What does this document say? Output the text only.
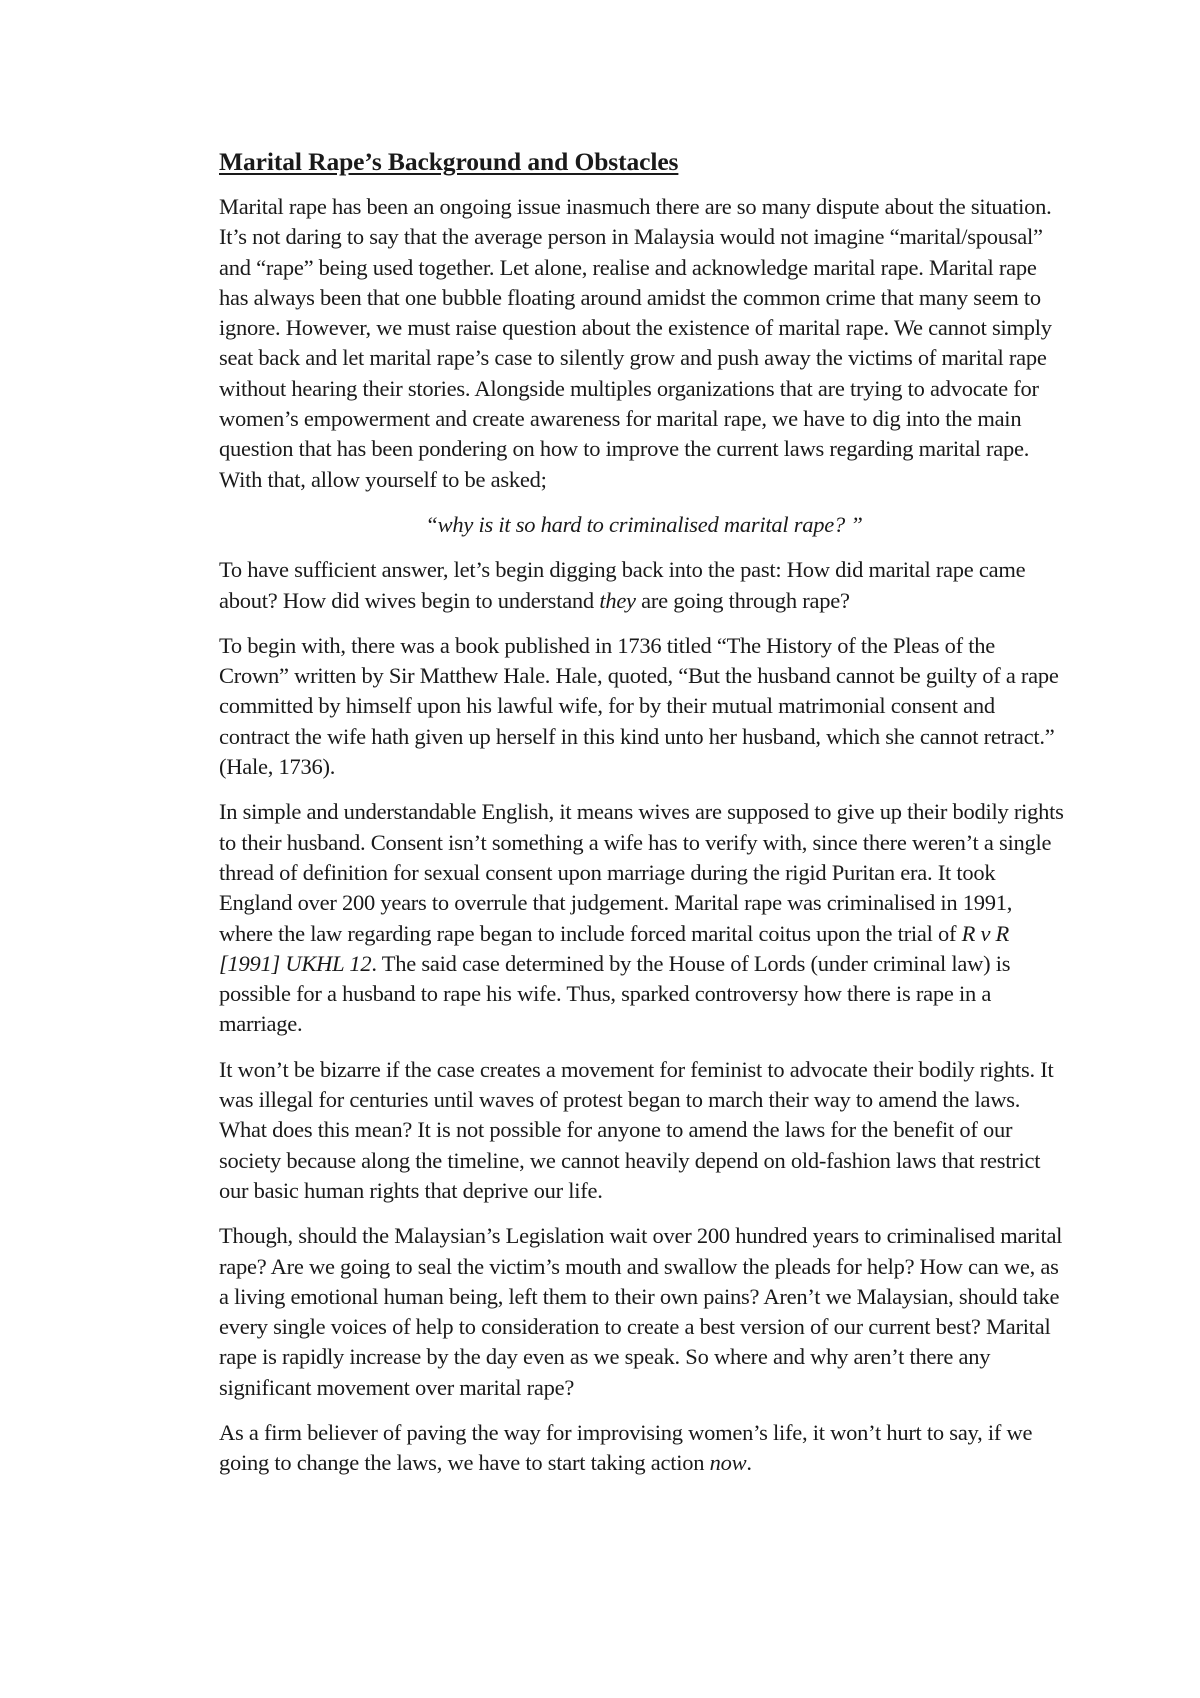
Marital Rape’s Background and Obstacles

Marital rape has been an ongoing issue inasmuch there are so many dispute about the situation. It’s not daring to say that the average person in Malaysia would not imagine “marital/spousal” and “rape” being used together. Let alone, realise and acknowledge marital rape. Marital rape has always been that one bubble floating around amidst the common crime that many seem to ignore. However, we must raise question about the existence of marital rape. We cannot simply seat back and let marital rape’s case to silently grow and push away the victims of marital rape without hearing their stories. Alongside multiples organizations that are trying to advocate for women’s empowerment and create awareness for marital rape, we have to dig into the main question that has been pondering on how to improve the current laws regarding marital rape. With that, allow yourself to be asked;

“why is it so hard to criminalised marital rape? ”

To have sufficient answer, let’s begin digging back into the past: How did marital rape came about? How did wives begin to understand they are going through rape?

To begin with, there was a book published in 1736 titled “The History of the Pleas of the Crown” written by Sir Matthew Hale. Hale, quoted, “But the husband cannot be guilty of a rape committed by himself upon his lawful wife, for by their mutual matrimonial consent and contract the wife hath given up herself in this kind unto her husband, which she cannot retract.” (Hale, 1736).

In simple and understandable English, it means wives are supposed to give up their bodily rights to their husband. Consent isn’t something a wife has to verify with, since there weren’t a single thread of definition for sexual consent upon marriage during the rigid Puritan era. It took England over 200 years to overrule that judgement. Marital rape was criminalised in 1991, where the law regarding rape began to include forced marital coitus upon the trial of R v R [1991] UKHL 12. The said case determined by the House of Lords (under criminal law) is possible for a husband to rape his wife. Thus, sparked controversy how there is rape in a marriage.

It won’t be bizarre if the case creates a movement for feminist to advocate their bodily rights. It was illegal for centuries until waves of protest began to march their way to amend the laws. What does this mean? It is not possible for anyone to amend the laws for the benefit of our society because along the timeline, we cannot heavily depend on old-fashion laws that restrict our basic human rights that deprive our life.

Though, should the Malaysian’s Legislation wait over 200 hundred years to criminalised marital rape? Are we going to seal the victim’s mouth and swallow the pleads for help? How can we, as a living emotional human being, left them to their own pains? Aren’t we Malaysian, should take every single voices of help to consideration to create a best version of our current best? Marital rape is rapidly increase by the day even as we speak. So where and why aren’t there any significant movement over marital rape?

As a firm believer of paving the way for improvising women’s life, it won’t hurt to say, if we going to change the laws, we have to start taking action now.
